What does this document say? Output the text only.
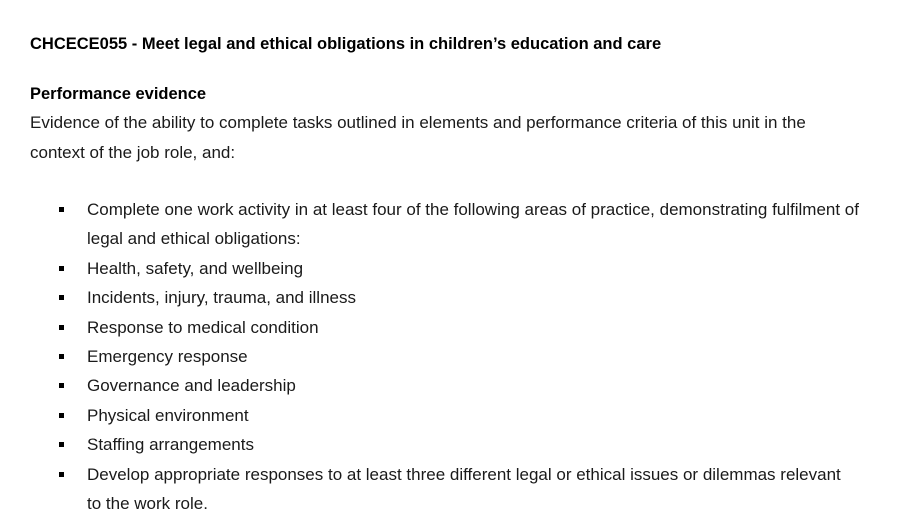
CHCECE055 - Meet legal and ethical obligations in children’s education and care
Performance evidence
Evidence of the ability to complete tasks outlined in elements and performance criteria of this unit in the context of the job role, and:
Complete one work activity in at least four of the following areas of practice, demonstrating fulfilment of legal and ethical obligations:
Health, safety, and wellbeing
Incidents, injury, trauma, and illness
Response to medical condition
Emergency response
Governance and leadership
Physical environment
Staffing arrangements
Develop appropriate responses to at least three different legal or ethical issues or dilemmas relevant to the work role.
